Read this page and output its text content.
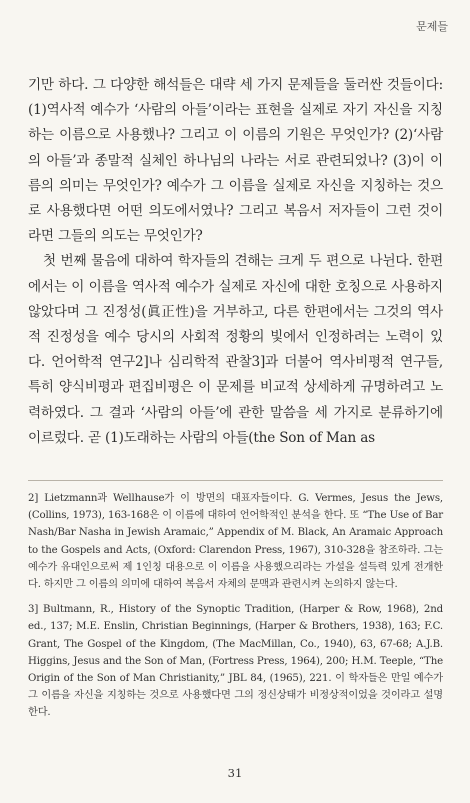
문제들

기만 하다. 그 다양한 해석들은 대략 세 가지 문제들을 둘러싼 것들이다: (1)역사적 예수가 ‘사람의 아들’이라는 표현을 실제로 자기 자신을 지칭하는 이름으로 사용했나? 그리고 이 이름의 기원은 무엇인가? (2)‘사람의 아들’과 종말적 실체인 하나님의 나라는 서로 관련되었나? (3)이 이름의 의미는 무엇인가? 예수가 그 이름을 실제로 자신을 지칭하는 것으로 사용했다면 어떤 의도에서였나? 그리고 복음서 저자들이 그런 것이라면 그들의 의도는 무엇인가?

첫 번째 물음에 대하여 학자들의 견해는 크게 두 편으로 나뉜다. 한편에서는 이 이름을 역사적 예수가 실제로 자신에 대한 호칭으로 사용하지 않았다며 그 진정성(眞正性)을 거부하고, 다른 한편에서는 그것의 역사적 진정성을 예수 당시의 사회적 정황의 빛에서 인정하려는 노력이 있다. 언어학적 연구2]나 심리학적 관찰3]과 더불어 역사비평적 연구들, 특히 양식비평과 편집비평은 이 문제를 비교적 상세하게 규명하려고 노력하였다. 그 결과 ‘사람의 아들’에 관한 말씀을 세 가지로 분류하기에 이르렀다. 곧 (1)도래하는 사람의 아들(the Son of Man as

2] Lietzmann과 Wellhause가 이 방면의 대표자들이다. G. Vermes, Jesus the Jews, (Collins, 1973), 163-168은 이 이름에 대하여 언어학적인 분석을 한다. 또 “The Use of Bar Nash/Bar Nasha in Jewish Aramaic,” Appendix of M. Black, An Aramaic Approach to the Gospels and Acts, (Oxford: Clarendon Press, 1967), 310-328을 참조하라. 그는 예수가 유대인으로써 제 1인칭 대용으로 이 이름을 사용했으리라는 가설을 설득력 있게 전개한다. 하지만 그 이름의 의미에 대하여 복음서 자체의 문맥과 관련시켜 논의하지 않는다.

3] Bultmann, R., History of the Synoptic Tradition, (Harper & Row, 1968), 2nd ed., 137; M.E. Enslin, Christian Beginnings, (Harper & Brothers, 1938), 163; F.C. Grant, The Gospel of the Kingdom, (The MacMillan, Co., 1940), 63, 67-68; A.J.B. Higgins, Jesus and the Son of Man, (Fortress Press, 1964), 200; H.M. Teeple, “The Origin of the Son of Man Christianity,” JBL 84, (1965), 221. 이 학자들은 만일 예수가 그 이름을 자신을 지칭하는 것으로 사용했다면 그의 정신상태가 비정상적이었을 것이라고 설명한다.

31
